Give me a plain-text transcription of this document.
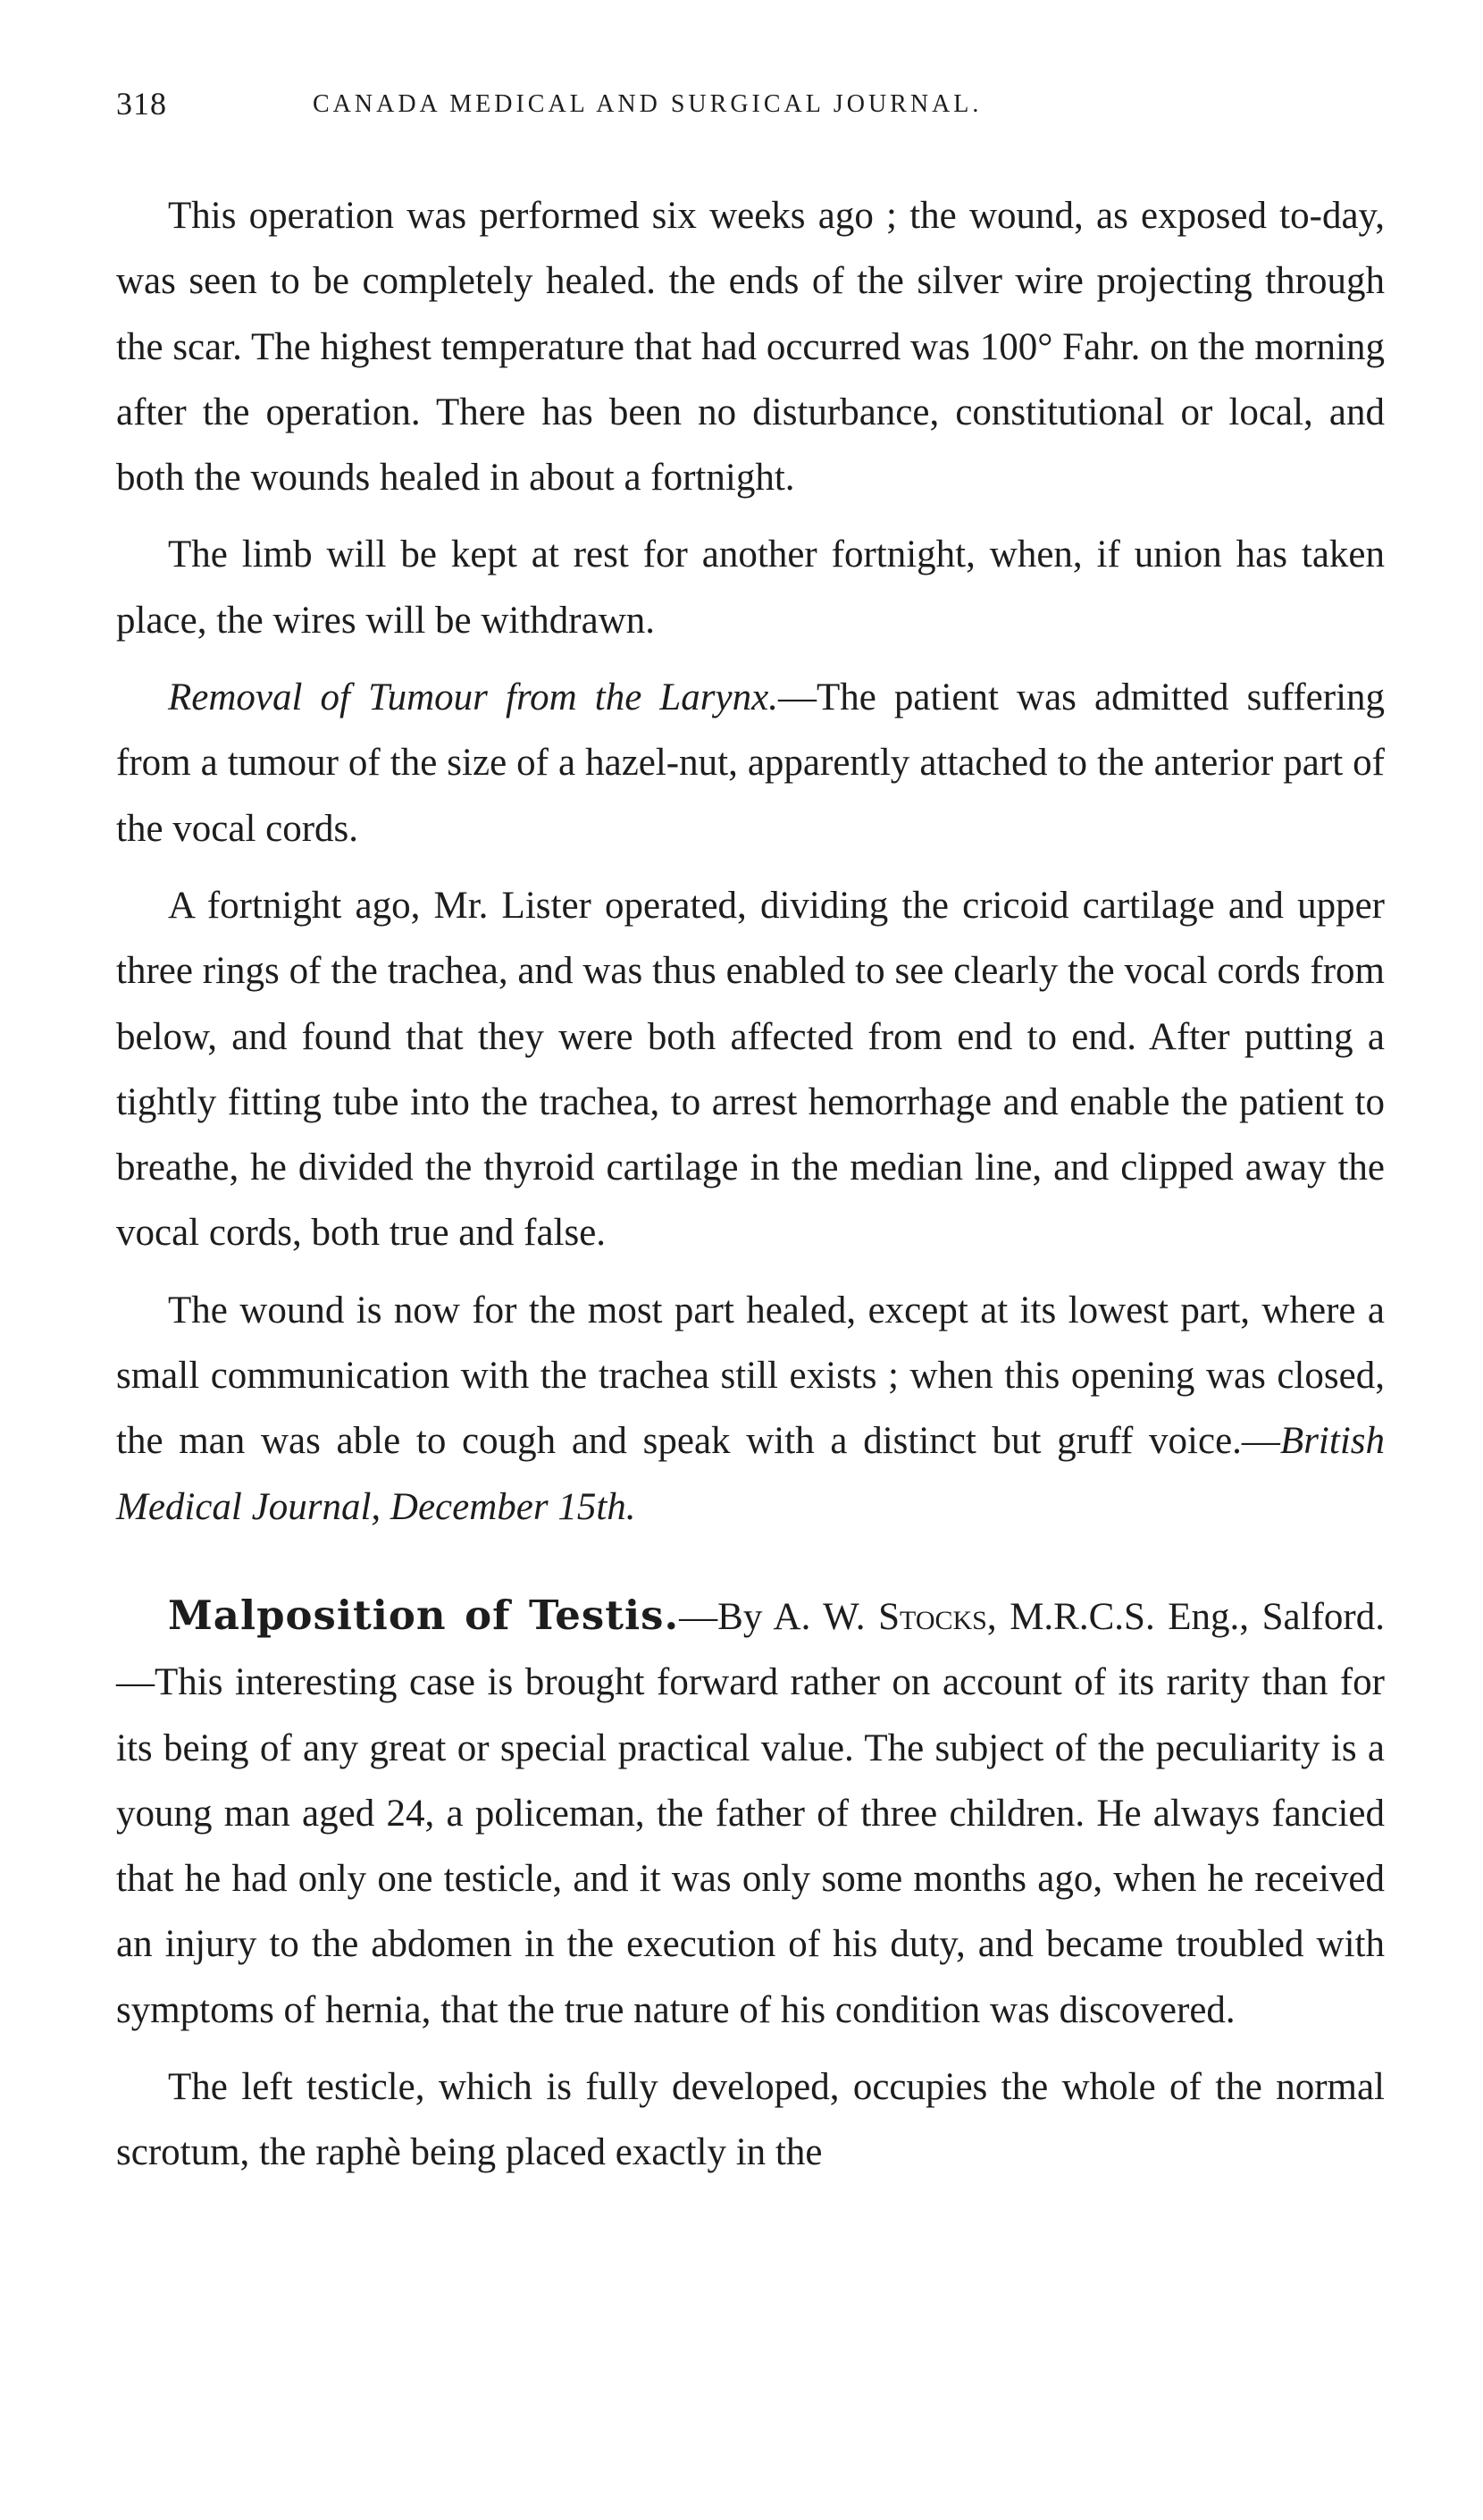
318	CANADA MEDICAL AND SURGICAL JOURNAL.

This operation was performed six weeks ago ; the wound, as exposed to-day, was seen to be completely healed. the ends of the silver wire projecting through the scar. The highest temperature that had occurred was 100° Fahr. on the morning after the operation. There has been no disturbance, constitutional or local, and both the wounds healed in about a fortnight.

The limb will be kept at rest for another fortnight, when, if union has taken place, the wires will be withdrawn.

Removal of Tumour from the Larynx.—The patient was admitted suffering from a tumour of the size of a hazel-nut, apparently attached to the anterior part of the vocal cords.

A fortnight ago, Mr. Lister operated, dividing the cricoid cartilage and upper three rings of the trachea, and was thus enabled to see clearly the vocal cords from below, and found that they were both affected from end to end. After putting a tightly fitting tube into the trachea, to arrest hemorrhage and enable the patient to breathe, he divided the thyroid cartilage in the median line, and clipped away the vocal cords, both true and false.

The wound is now for the most part healed, except at its lowest part, where a small communication with the trachea still exists ; when this opening was closed, the man was able to cough and speak with a distinct but gruff voice.—British Medical Journal, December 15th.

Malposition of Testis.—By A. W. Stocks, M.R.C.S. Eng., Salford.—This interesting case is brought forward rather on account of its rarity than for its being of any great or special practical value. The subject of the peculiarity is a young man aged 24, a policeman, the father of three children. He always fancied that he had only one testicle, and it was only some months ago, when he received an injury to the abdomen in the execution of his duty, and became troubled with symptoms of hernia, that the true nature of his condition was discovered.

The left testicle, which is fully developed, occupies the whole of the normal scrotum, the raphè being placed exactly in the
